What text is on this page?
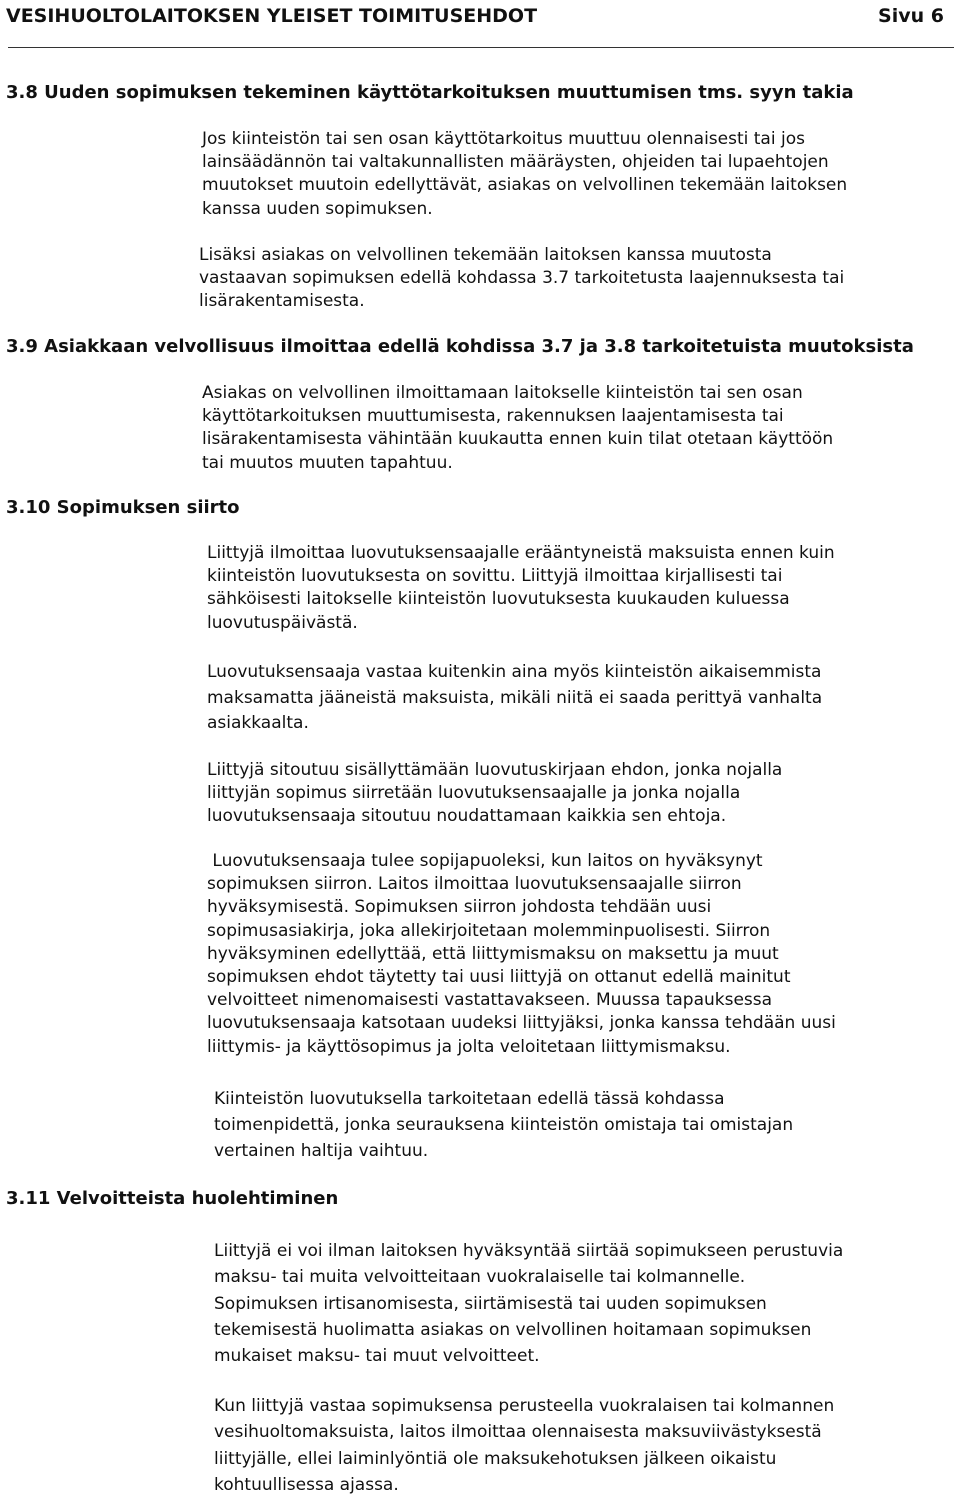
VESIHUOLTOLAITOKSEN YLEISET TOIMITUSEHDOT	Sivu 6
3.8 Uuden sopimuksen tekeminen käyttötarkoituksen muuttumisen tms. syyn takia
Jos kiinteistön tai sen osan käyttötarkoitus muuttuu olennaisesti tai jos
lainsäädännön tai valtakunnallisten määräysten, ohjeiden tai lupaehtojen
muutokset muutoin edellyttävät, asiakas on velvollinen tekemään laitoksen
kanssa uuden sopimuksen.
Lisäksi asiakas on velvollinen tekemään laitoksen kanssa muutosta
vastaavan sopimuksen edellä kohdassa 3.7 tarkoitetusta laajennuksesta tai
lisärakentamisesta.
3.9 Asiakkaan velvollisuus ilmoittaa edellä kohdissa 3.7 ja 3.8 tarkoitetuista muutoksista
Asiakas on velvollinen ilmoittamaan laitokselle kiinteistön tai sen osan
käyttötarkoituksen muuttumisesta, rakennuksen laajentamisesta tai
lisärakentamisesta vähintään kuukautta ennen kuin tilat otetaan käyttöön
tai muutos muuten tapahtuu.
3.10 Sopimuksen siirto
Liittyjä ilmoittaa luovutuksensaajalle erääntyneistä maksuista ennen kuin
kiinteistön luovutuksesta on sovittu. Liittyjä ilmoittaa kirjallisesti tai
sähköisesti laitokselle kiinteistön luovutuksesta kuukauden kuluessa
luovutuspäivästä.
Luovutuksensaaja vastaa kuitenkin aina myös kiinteistön aikaisemmista
maksamatta jääneistä maksuista, mikäli niitä ei saada perittyä vanhalta
asiakkaalta.
Liittyjä sitoutuu sisällyttämään luovutuskirjaan ehdon, jonka nojalla
liittyjän sopimus siirretään luovutuksensaajalle ja jonka nojalla
luovutuksensaaja sitoutuu noudattamaan kaikkia sen ehtoja.
Luovutuksensaaja tulee sopijapuoleksi, kun laitos on hyväksynyt
sopimuksen siirron. Laitos ilmoittaa luovutuksensaajalle siirron
hyväksymisestä. Sopimuksen siirron johdosta tehdään uusi
sopimusasiakirja, joka allekirjoitetaan molemminpuolisesti. Siirron
hyväksyminen edellyttää, että liittymismaksu on maksettu ja muut
sopimuksen ehdot täytetty tai uusi liittyjä on ottanut edellä mainitut
velvoitteet nimenomaisesti vastattavakseen. Muussa tapauksessa
luovutuksensaaja katsotaan uudeksi liittyjäksi, jonka kanssa tehdään uusi
liittymis- ja käyttösopimus ja jolta veloitetaan liittymismaksu.
Kiinteistön luovutuksella tarkoitetaan edellä tässä kohdassa
toimenpidettä, jonka seurauksena kiinteistön omistaja tai omistajan
vertainen haltija vaihtuu.
3.11 Velvoitteista huolehtiminen
Liittyjä ei voi ilman laitoksen hyväksyntää siirtää sopimukseen perustuvia
maksu- tai muita velvoitteitaan vuokralaiselle tai kolmannelle.
Sopimuksen irtisanomisesta, siirtämisestä tai uuden sopimuksen
tekemisestä huolimatta asiakas on velvollinen hoitamaan sopimuksen
mukaiset maksu- tai muut velvoitteet.
Kun liittyjä vastaa sopimuksensa perusteella vuokralaisen tai kolmannen
vesihuoltomaksuista, laitos ilmoittaa olennaisesta maksuviivästyksestä
liittyjälle, ellei laiminlyöntiä ole maksukehotuksen jälkeen oikaistu
kohtuullisessa ajassa.
